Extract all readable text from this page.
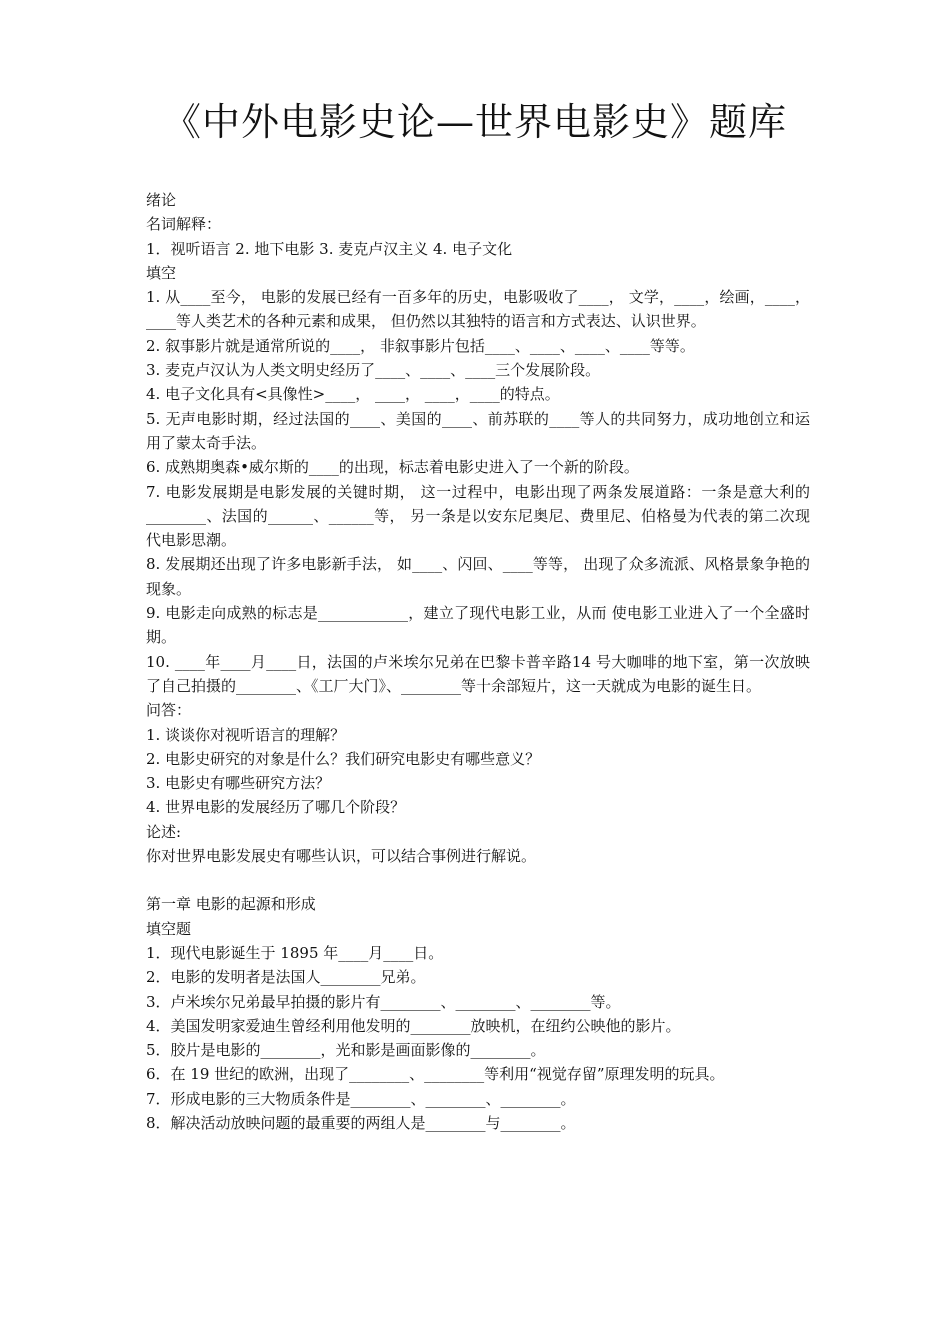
《中外电影史论—世界电影史》题库

绪论

名词解释：

1．视听语言 2. 地下电影 3. 麦克卢汉主义 4. 电子文化

填空

1. 从____至今， 电影的发展已经有一百多年的历史，电影吸收了____， 文学，____，绘画，____，____等人类艺术的各种元素和成果， 但仍然以其独特的语言和方式表达、认识世界。

2. 叙事影片就是通常所说的____， 非叙事影片包括____、____、____、____等等。

3. 麦克卢汉认为人类文明史经历了____、____、____三个发展阶段。

4. 电子文化具有<具像性>____， ____， ____，____的特点。

5. 无声电影时期，经过法国的____、美国的____、前苏联的____等人的共同努力，成功地创立和运用了蒙太奇手法。

6. 成熟期奥森•威尔斯的____的出现，标志着电影史进入了一个新的阶段。

7. 电影发展期是电影发展的关键时期， 这一过程中，电影出现了两条发展道路：一条是意大利的________、法国的______、______等， 另一条是以安东尼奥尼、费里尼、伯格曼为代表的第二次现代电影思潮。

8. 发展期还出现了许多电影新手法， 如____、闪回、____等等， 出现了众多流派、风格景象争艳的现象。

9. 电影走向成熟的标志是____________，建立了现代电影工业，从而 使电影工业进入了一个全盛时期。

10. ____年____月____日，法国的卢米埃尔兄弟在巴黎卡普辛路14 号大咖啡的地下室，第一次放映了自己拍摄的________、《工厂大门》、________等十余部短片，这一天就成为电影的诞生日。

问答：

1. 谈谈你对视听语言的理解？

2. 电影史研究的对象是什么？我们研究电影史有哪些意义？

3. 电影史有哪些研究方法？

4. 世界电影的发展经历了哪几个阶段？

论述:

你对世界电影发展史有哪些认识，可以结合事例进行解说。

第一章 电影的起源和形成

填空题

1．现代电影诞生于 1895 年____月____日。

2．电影的发明者是法国人________兄弟。

3．卢米埃尔兄弟最早拍摄的影片有________、________、________等。

4．美国发明家爱迪生曾经利用他发明的________放映机，在纽约公映他的影片。

5．胶片是电影的________，光和影是画面影像的________。

6．在 19 世纪的欧洲，出现了________、________等利用“视觉存留”原理发明的玩具。

7．形成电影的三大物质条件是________、________、________。

8．解决活动放映问题的最重要的两组人是________与________。
